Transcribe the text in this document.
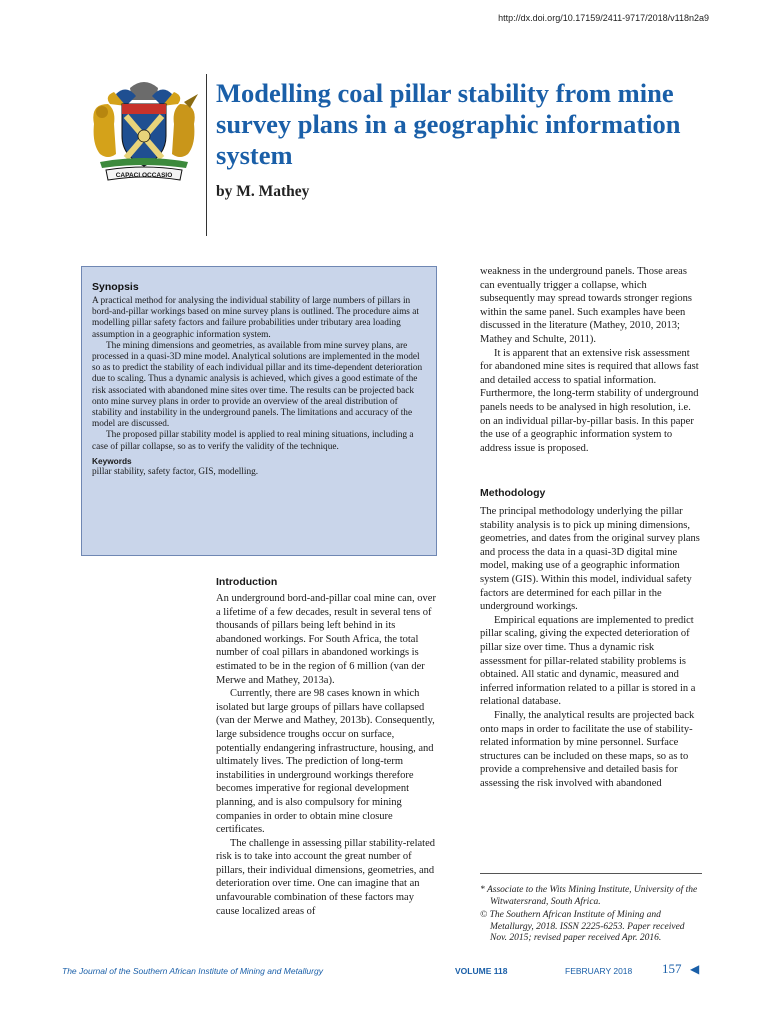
http://dx.doi.org/10.17159/2411-9717/2018/v118n2a9
CAPACI OCCASIO
Modelling coal pillar stability from mine survey plans in a geographic information system

by M. Mathey

Synopsis

A practical method for analysing the individual stability of large numbers of pillars in bord-and-pillar workings based on mine survey plans is outlined. The procedure aims at modelling pillar safety factors and failure probabilities under tributary area loading assumption in a geographic information system.

The mining dimensions and geometries, as available from mine survey plans, are processed in a quasi-3D mine model. Analytical solutions are implemented in the model so as to predict the stability of each individual pillar and its time-dependent deterioration due to scaling. Thus a dynamic analysis is achieved, which gives a good estimate of the risk associated with abandoned mine sites over time. The results can be projected back onto mine survey plans in order to provide an overview of the areal distribution of stability and instability in the underground panels. The limitations and accuracy of the model are discussed.

The proposed pillar stability model is applied to real mining situations, including a case of pillar collapse, so as to verify the validity of the technique.

Keywords

pillar stability, safety factor, GIS, modelling.

Introduction

An underground bord-and-pillar coal mine can, over a lifetime of a few decades, result in several tens of thousands of pillars being left behind in its abandoned workings. For South Africa, the total number of coal pillars in abandoned workings is estimated to be in the region of 6 million (van der Merwe and Mathey, 2013a).

Currently, there are 98 cases known in which isolated but large groups of pillars have collapsed (van der Merwe and Mathey, 2013b). Consequently, large subsidence troughs occur on surface, potentially endangering infrastructure, housing, and ultimately lives. The prediction of long-term instabilities in underground workings therefore becomes imperative for regional development planning, and is also compulsory for mining companies in order to obtain mine closure certificates.

The challenge in assessing pillar stability-related risk is to take into account the great number of pillars, their individual dimensions, geometries, and deterioration over time. One can imagine that an unfavourable combination of these factors may cause localized areas of

weakness in the underground panels. Those areas can eventually trigger a collapse, which subsequently may spread towards stronger regions within the same panel. Such examples have been discussed in the literature (Mathey, 2010, 2013; Mathey and Schulte, 2011).

It is apparent that an extensive risk assessment for abandoned mine sites is required that allows fast and detailed access to spatial information. Furthermore, the long-term stability of underground panels needs to be analysed in high resolution, i.e. on an individual pillar-by-pillar basis. In this paper the use of a geographic information system to address issue is proposed.

Methodology

The principal methodology underlying the pillar stability analysis is to pick up mining dimensions, geometries, and dates from the original survey plans and process the data in a quasi-3D digital mine model, making use of a geographic information system (GIS). Within this model, individual safety factors are determined for each pillar in the underground workings.

Empirical equations are implemented to predict pillar scaling, giving the expected deterioration of pillar size over time. Thus a dynamic risk assessment for pillar-related stability problems is obtained. All static and dynamic, measured and inferred information related to a pillar is stored in a relational database.

Finally, the analytical results are projected back onto maps in order to facilitate the use of stability-related information by mine personnel. Surface structures can be included on these maps, so as to provide a comprehensive and detailed basis for assessing the risk involved with abandoned

* Associate to the Wits Mining Institute, University of the Witwatersrand, South Africa.

© The Southern African Institute of Mining and Metallurgy, 2018. ISSN 2225-6253. Paper received Nov. 2015; revised paper received Apr. 2016.

The Journal of the Southern African Institute of Mining and Metallurgy	VOLUME 118	FEBRUARY 2018 157 ◀
